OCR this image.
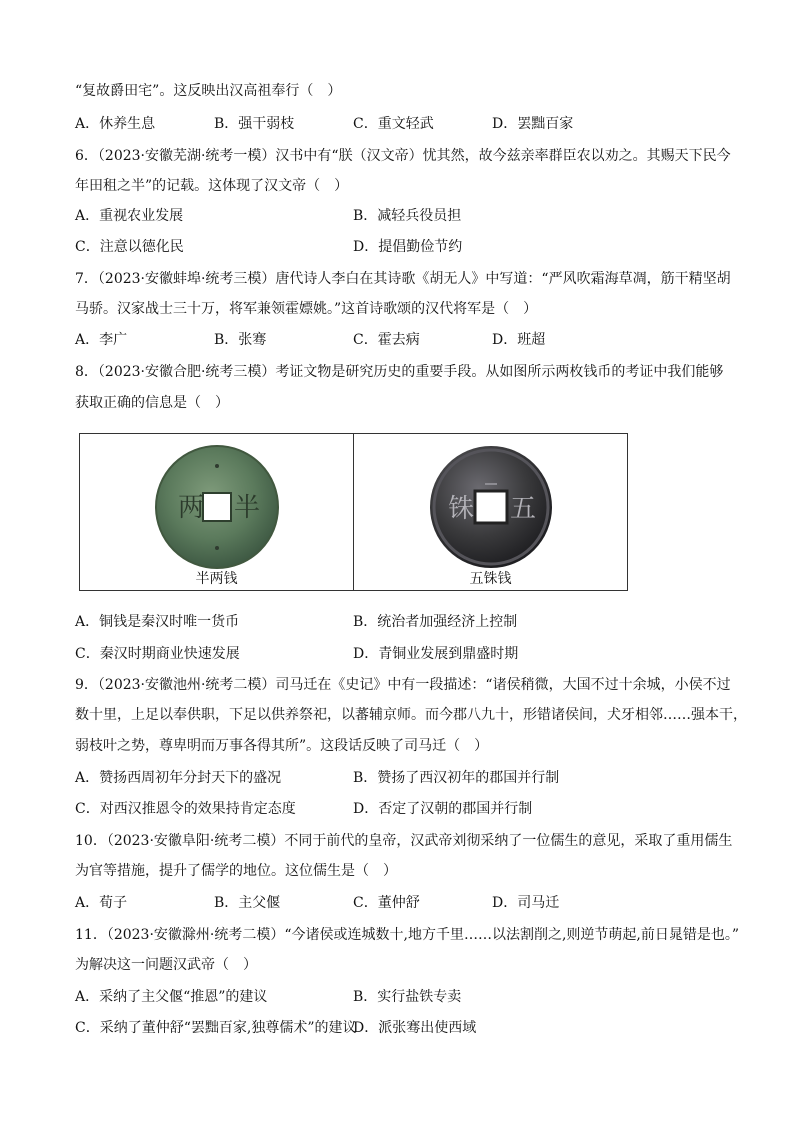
“复故爵田宅”。这反映出汉高祖奉行（　）
A．休养生息	B．强干弱枝	C．重文轻武	D．罢黜百家
6．（2023·安徽芜湖·统考一模）汉书中有“朕（汉文帝）忧其然，故今兹亲率群臣农以劝之。其赐天下民今
年田租之半”的记载。这体现了汉文帝（　）
A．重视农业发展	B．减轻兵役员担
C．注意以德化民	D．提倡勤俭节约
7．（2023·安徽蚌埠·统考三模）唐代诗人李白在其诗歌《胡无人》中写道：“严风吹霜海草凋，筋干精坚胡
马骄。汉家战士三十万，将军兼领霍嫖姚。”这首诗歌颂的汉代将军是（　）
A．李广	B．张骞	C．霍去病	D．班超
8．（2023·安徽合肥·统考三模）考证文物是研究历史的重要手段。从如图所示两枚钱币的考证中我们能够
获取正确的信息是（　）
两 半
半两钱
铢 五
五铢钱
A．铜钱是秦汉时唯一货币	B．统治者加强经济上控制
C．秦汉时期商业快速发展	D．青铜业发展到鼎盛时期
9．（2023·安徽池州·统考二模）司马迁在《史记》中有一段描述：“诸侯稍微，大国不过十余城，小侯不过
数十里，上足以奉供职，下足以供养祭祀，以蕃辅京师。而今郡八九十，形错诸侯间，犬牙相邻……强本干，
弱枝叶之势，尊卑明而万事各得其所”。这段话反映了司马迁（　）
A．赞扬西周初年分封天下的盛况	B．赞扬了西汉初年的郡国并行制
C．对西汉推恩令的效果持肯定态度	D．否定了汉朝的郡国并行制
10．（2023·安徽阜阳·统考二模）不同于前代的皇帝，汉武帝刘彻采纳了一位儒生的意见，采取了重用儒生
为官等措施，提升了儒学的地位。这位儒生是（　）
A．荀子	B．主父偃	C．董仲舒	D．司马迁
11．（2023·安徽滁州·统考二模）“今诸侯或连城数十,地方千里……以法割削之,则逆节萌起,前日晁错是也。”
为解决这一问题汉武帝（　）
A．采纳了主父偃“推恩”的建议	B．实行盐铁专卖
C．采纳了董仲舒“罢黜百家,独尊儒术”的建议
D．派张骞出使西域
